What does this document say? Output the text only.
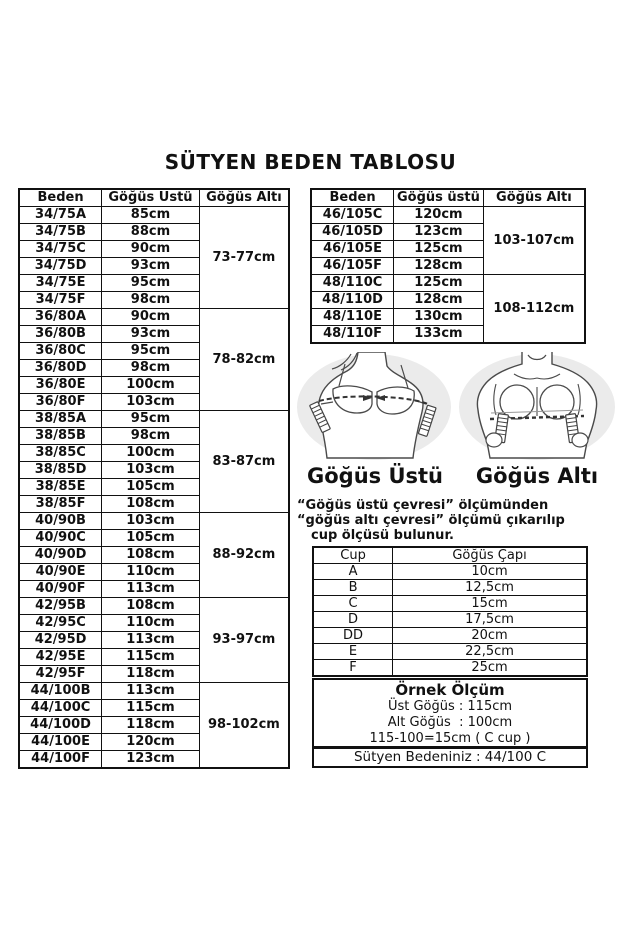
SÜTYEN BEDEN TABLOSU
Beden	Göğüs Üstü	Göğüs Altı
34/75A	85cm	73-77cm
34/75B	88cm	
34/75C	90cm	
34/75D	93cm	
34/75E	95cm	
34/75F	98cm	
36/80A	90cm	78-82cm
36/80B	93cm	
36/80C	95cm	
36/80D	98cm	
36/80E	100cm	
36/80F	103cm	
38/85A	95cm	83-87cm
38/85B	98cm	
38/85C	100cm	
38/85D	103cm	
38/85E	105cm	
38/85F	108cm	
40/90B	103cm	88-92cm
40/90C	105cm	
40/90D	108cm	
40/90E	110cm	
40/90F	113cm	
42/95B	108cm	93-97cm
42/95C	110cm	
42/95D	113cm	
42/95E	115cm	
42/95F	118cm	
44/100B	113cm	98-102cm
44/100C	115cm	
44/100D	118cm	
44/100E	120cm	
44/100F	123cm	
Beden	Göğüs üstü	Göğüs Altı
46/105C	120cm	103-107cm
46/105D	123cm	
46/105E	125cm	
46/105F	128cm	
48/110C	125cm	108-112cm
48/110D	128cm	
48/110E	130cm	
48/110F	133cm	
Göğüs Üstü	Göğüs Altı
“Göğüs üstü çevresi” ölçümünden
“göğüs altı çevresi” ölçümü çıkarılıp
cup ölçüsü bulunur.
Cup	Göğüs Çapı
A	10cm
B	12,5cm
C	15cm
D	17,5cm
DD	20cm
E	22,5cm
F	25cm
Örnek Ölçüm
Üst Göğüs : 115cm
Alt Göğüs  : 100cm
115-100=15cm ( C cup )
Sütyen Bedeniniz : 44/100 C
